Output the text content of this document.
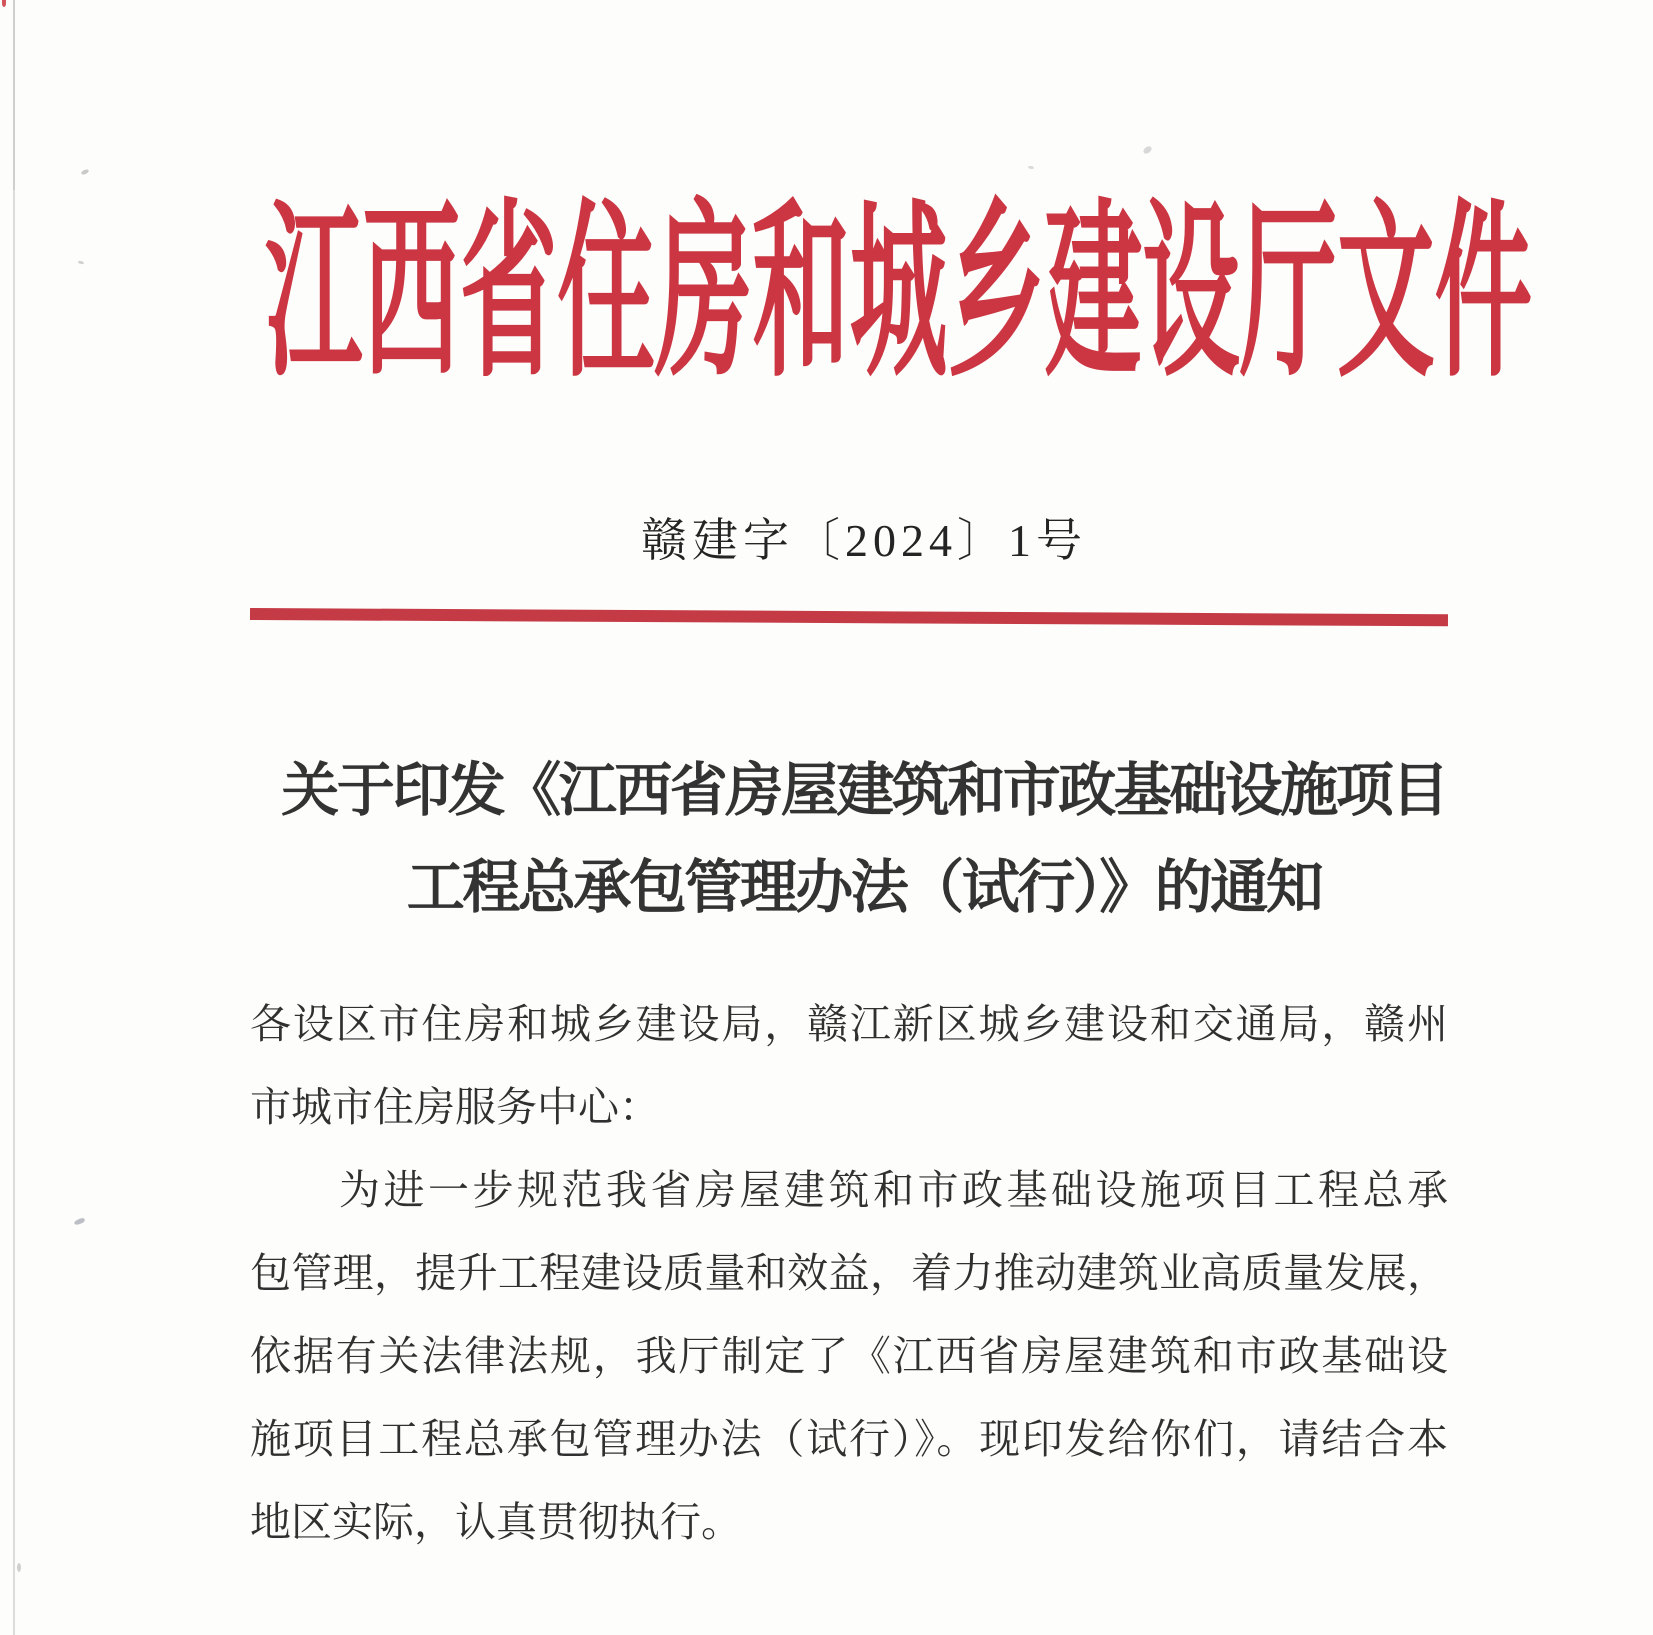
江西省住房和城乡建设厅文件
赣建字〔2024〕1号
关于印发《江西省房屋建筑和市政基础设施项目
工程总承包管理办法（试行）》的通知
各设区市住房和城乡建设局，赣江新区城乡建设和交通局，赣州
市城市住房服务中心：
　　为进一步规范我省房屋建筑和市政基础设施项目工程总承
包管理，提升工程建设质量和效益，着力推动建筑业高质量发展，
依据有关法律法规，我厅制定了《江西省房屋建筑和市政基础设
施项目工程总承包管理办法（试行）》。现印发给你们，请结合本
地区实际，认真贯彻执行。
